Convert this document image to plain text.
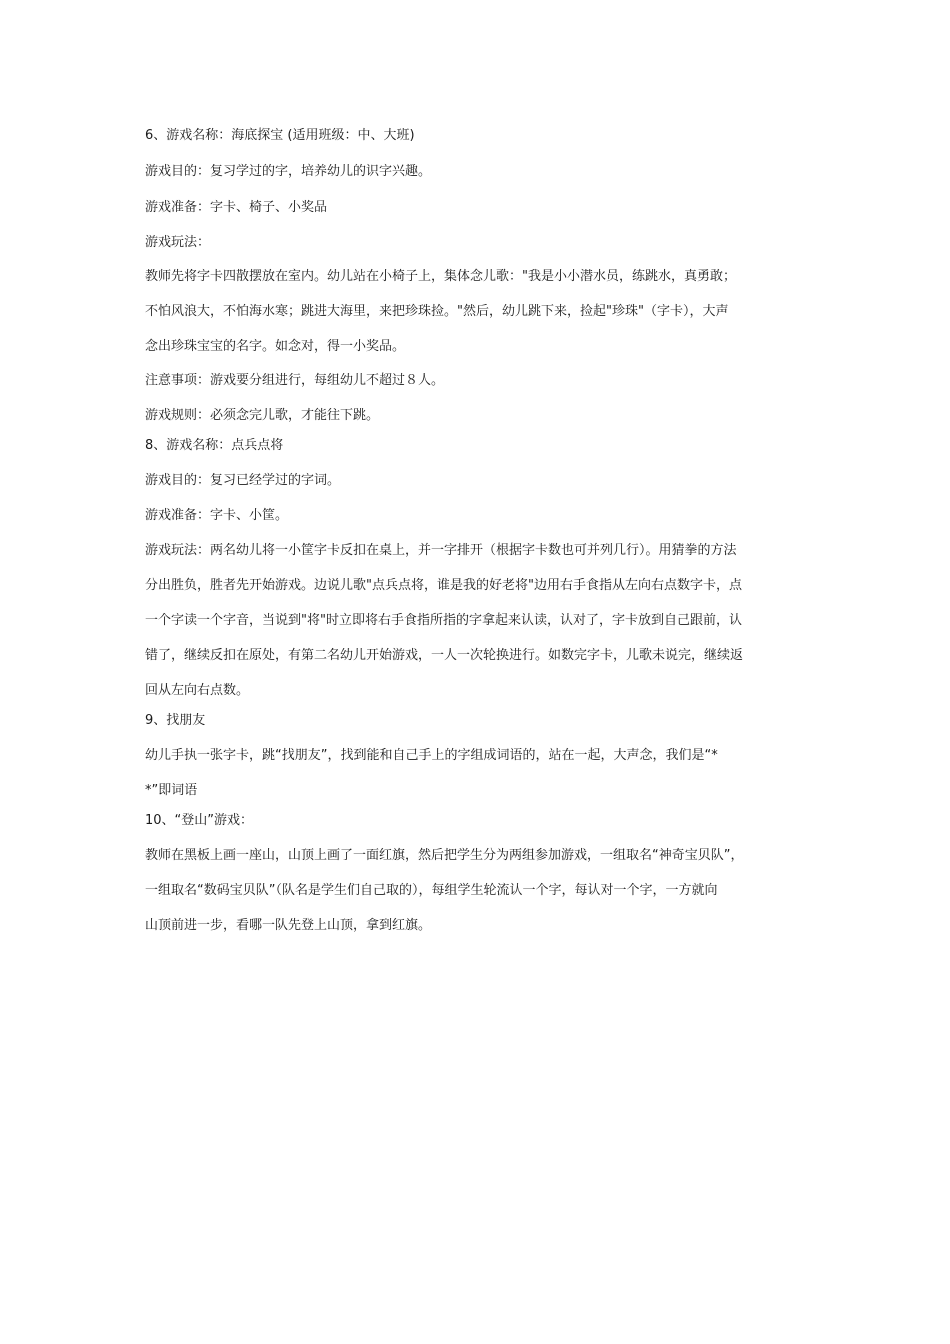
6、游戏名称：海底探宝 (适用班级：中、大班)
游戏目的：复习学过的字，培养幼儿的识字兴趣。
游戏准备：字卡、椅子、小奖品
游戏玩法：
教师先将字卡四散摆放在室内。幼儿站在小椅子上，集体念儿歌："我是小小潜水员，练跳水，真勇敢；
不怕风浪大，不怕海水寒；跳进大海里，来把珍珠捡。"然后，幼儿跳下来，捡起"珍珠"（字卡），大声
念出珍珠宝宝的名字。如念对，得一小奖品。
注意事项：游戏要分组进行，每组幼儿不超过８人。
游戏规则：必须念完儿歌，才能往下跳。
8、游戏名称：点兵点将
游戏目的：复习已经学过的字词。
游戏准备：字卡、小筐。
游戏玩法：两名幼儿将一小筐字卡反扣在桌上，并一字排开（根据字卡数也可并列几行）。用猜拳的方法
分出胜负，胜者先开始游戏。边说儿歌"点兵点将，谁是我的好老将"边用右手食指从左向右点数字卡，点
一个字读一个字音，当说到"将"时立即将右手食指所指的字拿起来认读，认对了，字卡放到自己跟前，认
错了，继续反扣在原处，有第二名幼儿开始游戏，一人一次轮换进行。如数完字卡，儿歌未说完，继续返
回从左向右点数。
9、找朋友
幼儿手执一张字卡，跳“找朋友”，找到能和自己手上的字组成词语的，站在一起，大声念，我们是“*
*”即词语
10、“登山”游戏：
教师在黑板上画一座山，山顶上画了一面红旗，然后把学生分为两组参加游戏，一组取名“神奇宝贝队”，
一组取名“数码宝贝队”（队名是学生们自己取的），每组学生轮流认一个字，每认对一个字，一方就向
山顶前进一步，看哪一队先登上山顶，拿到红旗。
